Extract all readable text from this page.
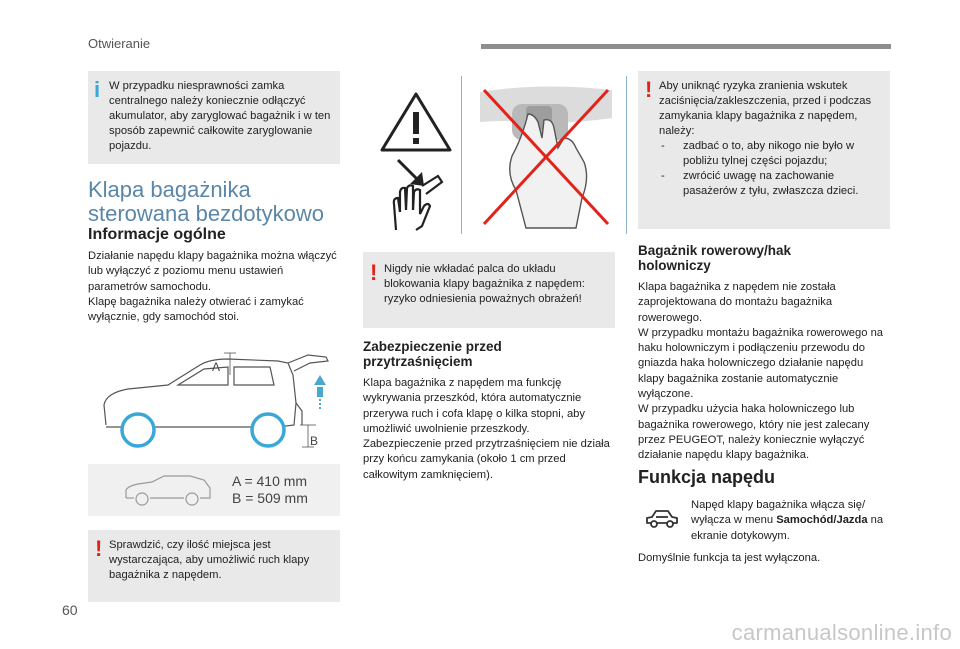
Otwieranie
i W przypadku niesprawności zamka centralnego należy koniecznie odłączyć akumulator, aby zaryglować bagażnik i w ten sposób zapewnić całkowite zaryglowanie pojazdu.
Klapa bagażnika
sterowana bezdotykowo
Informacje ogólne
Działanie napędu klapy bagażnika można włączyć lub wyłączyć z poziomu menu ustawień parametrów samochodu.
Klapę bagażnika należy otwierać i zamykać wyłącznie, gdy samochód stoi.
A
B
A = 410 mm
B = 509 mm
! Sprawdzić, czy ilość miejsca jest wystarczająca, aby umożliwić ruch klapy bagażnika z napędem.
! Nigdy nie wkładać palca do układu blokowania klapy bagażnika z napędem: ryzyko odniesienia poważnych obrażeń!
Zabezpieczenie przed
przytrzaśnięciem
Klapa bagażnika z napędem ma funkcję wykrywania przeszkód, która automatycznie przerywa ruch i cofa klapę o kilka stopni, aby umożliwić uwolnienie przeszkody.
Zabezpieczenie przed przytrzaśnięciem nie działa przy końcu zamykania (około 1 cm przed całkowitym zamknięciem).
! Aby uniknąć ryzyka zranienia wskutek zaciśnięcia/zakleszczenia, przed i podczas zamykania klapy bagażnika z napędem, należy:
- zadbać o to, aby nikogo nie było w pobliżu tylnej części pojazdu;
- zwrócić uwagę na zachowanie pasażerów z tyłu, zwłaszcza dzieci.
Bagażnik rowerowy/hak
holowniczy
Klapa bagażnika z napędem nie została zaprojektowana do montażu bagażnika rowerowego.
W przypadku montażu bagażnika rowerowego na haku holowniczym i podłączeniu przewodu do gniazda haka holowniczego działanie napędu klapy bagażnika zostanie automatycznie wyłączone.
W przypadku użycia haka holowniczego lub bagażnika rowerowego, który nie jest zalecany przez PEUGEOT, należy koniecznie wyłączyć działanie napędu klapy bagażnika.
Funkcja napędu
Napęd klapy bagażnika włącza się/ wyłącza w menu Samochód/Jazda na ekranie dotykowym.
Domyślnie funkcja ta jest wyłączona.
60
carmanualsonline.info
